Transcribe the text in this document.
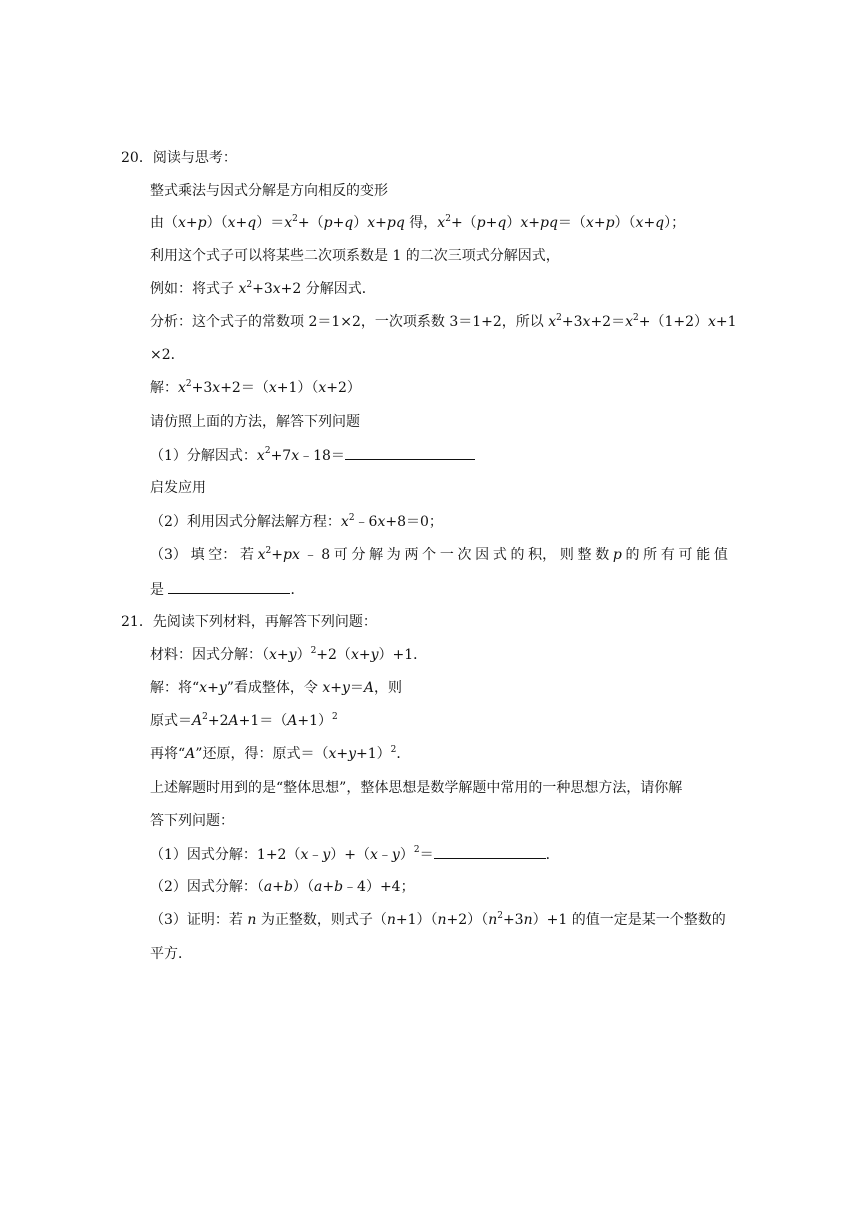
20．阅读与思考：
整式乘法与因式分解是方向相反的变形
由$(x+p)(x+q)=x^2+(p+q)x+pq$ 得，$x^2+(p+q)x+pq=(x+p)(x+q)$；
利用这个式子可以将某些二次项系数是 1 的二次三项式分解因式，
例如：将式子 $x^2+3x+2$ 分解因式．
分析：这个式子的常数项 2＝1×2，一次项系数 3＝1+2，所以 $x^2+3x+2=x^2+(1+2)x+1$
×2．
解：$x^2+3x+2=(x+1)(x+2)$
请仿照上面的方法，解答下列问题
（1）分解因式：$x^2+7x﹣18=$
启发应用
（2）利用因式分解法解方程：$x^2﹣6x+8=0$；
（3） 填 空： 若 $x^2+px$ ﹣ 8 可 分 解 为 两 个 一 次 因 式 的 积， 则 整 数 p 的 所 有 可 能 值
是	．
21．先阅读下列材料，再解答下列问题：
材料：因式分解：$(x+y)^2+2(x+y)+1$．
解：将“x+y”看成整体，令 x+y＝A，则
原式$=A^2+2A+1=(A+1)^2$
再将“A”还原，得：原式$=(x+y+1)^2$．
上述解题时用到的是“整体思想”，整体思想是数学解题中常用的一种思想方法，请你解
答下列问题：
（1）因式分解：1+2（x﹣y）+（x﹣y）$^2$＝	．
（2）因式分解：（a+b）（a+b﹣4）+4；
（3）证明：若 n 为正整数，则式子$(n+1)(n+2)(n^2+3n)+1$ 的值一定是某一个整数的
平方．
